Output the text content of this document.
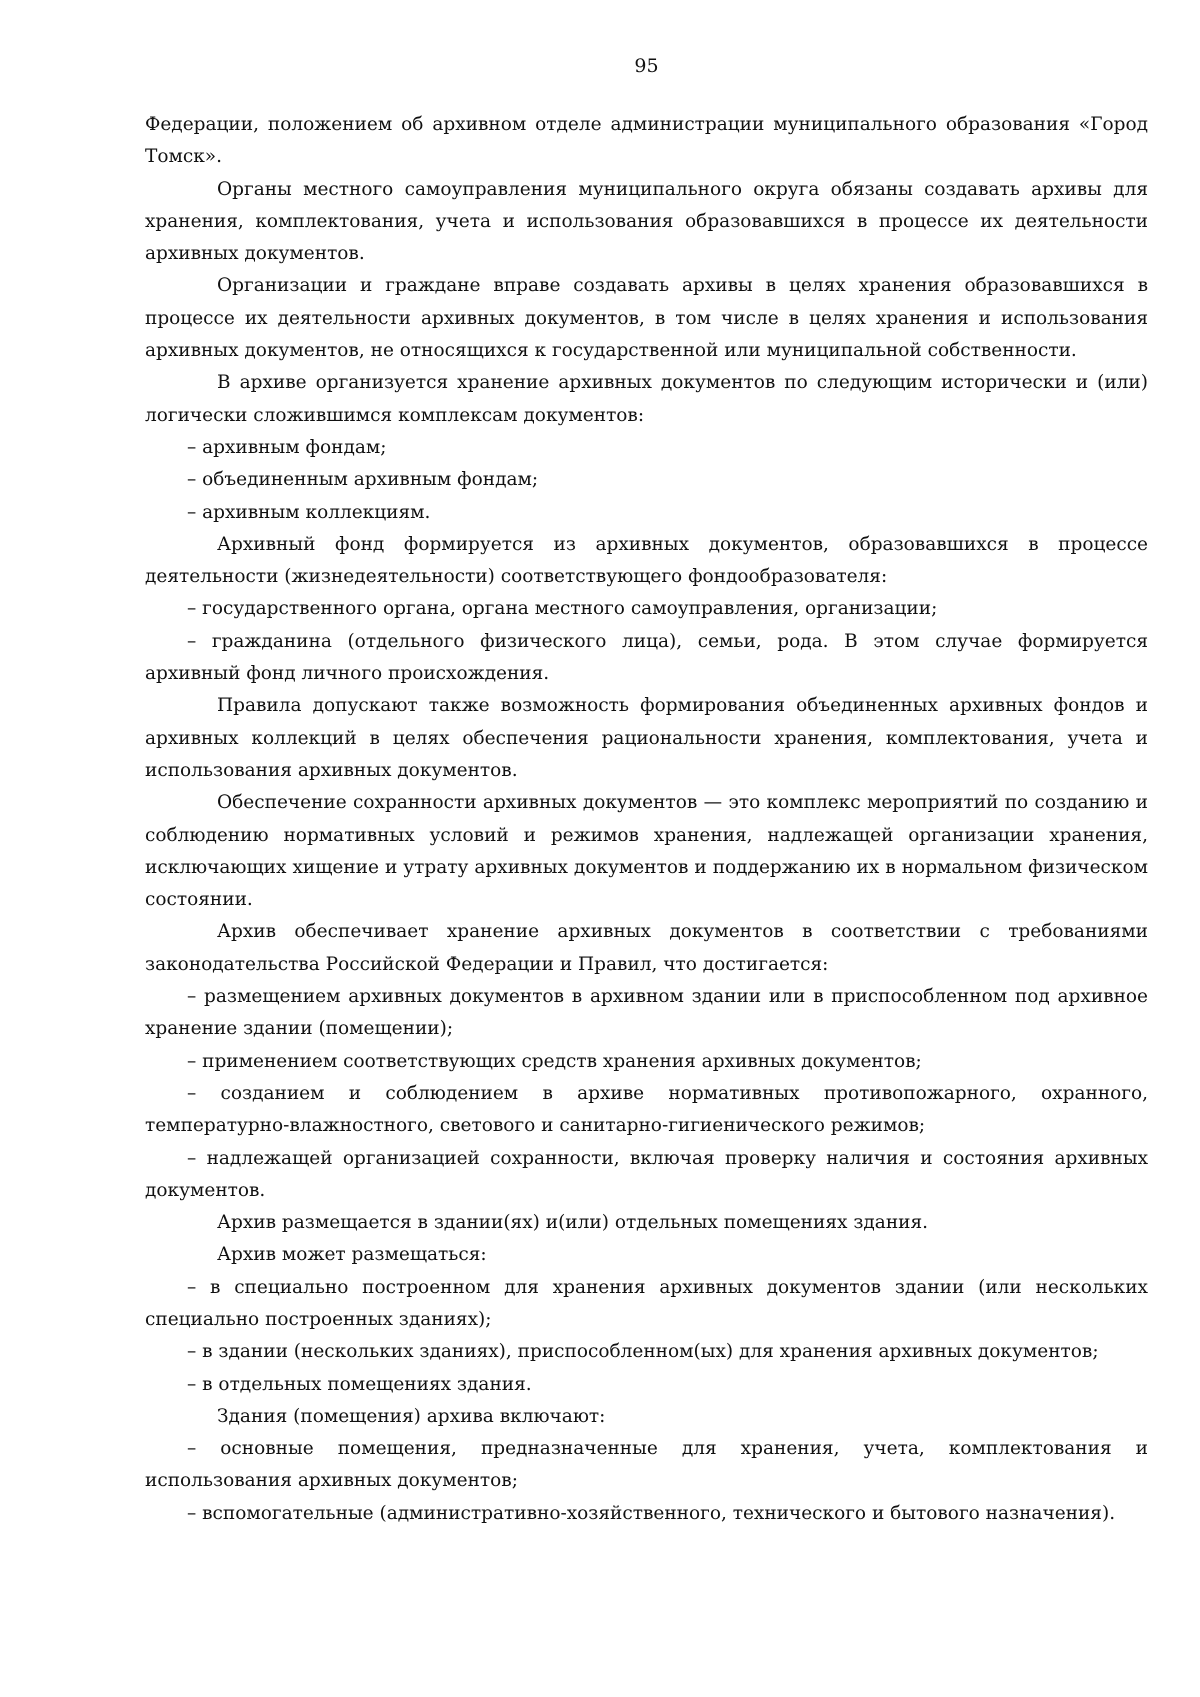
95

Федерации, положением об архивном отделе администрации муниципального образования «Город Томск».

Органы местного самоуправления муниципального округа обязаны создавать архивы для хранения, комплектования, учета и использования образовавшихся в процессе их деятельности архивных документов.

Организации и граждане вправе создавать архивы в целях хранения образовавшихся в процессе их деятельности архивных документов, в том числе в целях хранения и использования архивных документов, не относящихся к государственной или муниципальной собственности.

В архиве организуется хранение архивных документов по следующим исторически и (или) логически сложившимся комплексам документов:

– архивным фондам;

– объединенным архивным фондам;

– архивным коллекциям.

Архивный фонд формируется из архивных документов, образовавшихся в процессе деятельности (жизнедеятельности) соответствующего фондообразователя:

– государственного органа, органа местного самоуправления, организации;

– гражданина (отдельного физического лица), семьи, рода. В этом случае формируется архивный фонд личного происхождения.

Правила допускают также возможность формирования объединенных архивных фондов и архивных коллекций в целях обеспечения рациональности хранения, комплектования, учета и использования архивных документов.

Обеспечение сохранности архивных документов — это комплекс мероприятий по созданию и соблюдению нормативных условий и режимов хранения, надлежащей организации хранения, исключающих хищение и утрату архивных документов и поддержанию их в нормальном физическом состоянии.

Архив обеспечивает хранение архивных документов в соответствии с требованиями законодательства Российской Федерации и Правил, что достигается:

– размещением архивных документов в архивном здании или в приспособленном под архивное хранение здании (помещении);

– применением соответствующих средств хранения архивных документов;

– созданием и соблюдением в архиве нормативных противопожарного, охранного, температурно-влажностного, светового и санитарно-гигиенического режимов;

– надлежащей организацией сохранности, включая проверку наличия и состояния архивных документов.

Архив размещается в здании(ях) и(или) отдельных помещениях здания.

Архив может размещаться:

– в специально построенном для хранения архивных документов здании (или нескольких специально построенных зданиях);

– в здании (нескольких зданиях), приспособленном(ых) для хранения архивных документов;

– в отдельных помещениях здания.

Здания (помещения) архива включают:

– основные помещения, предназначенные для хранения, учета, комплектования и использования архивных документов;

– вспомогательные (административно-хозяйственного, технического и бытового назначения).
